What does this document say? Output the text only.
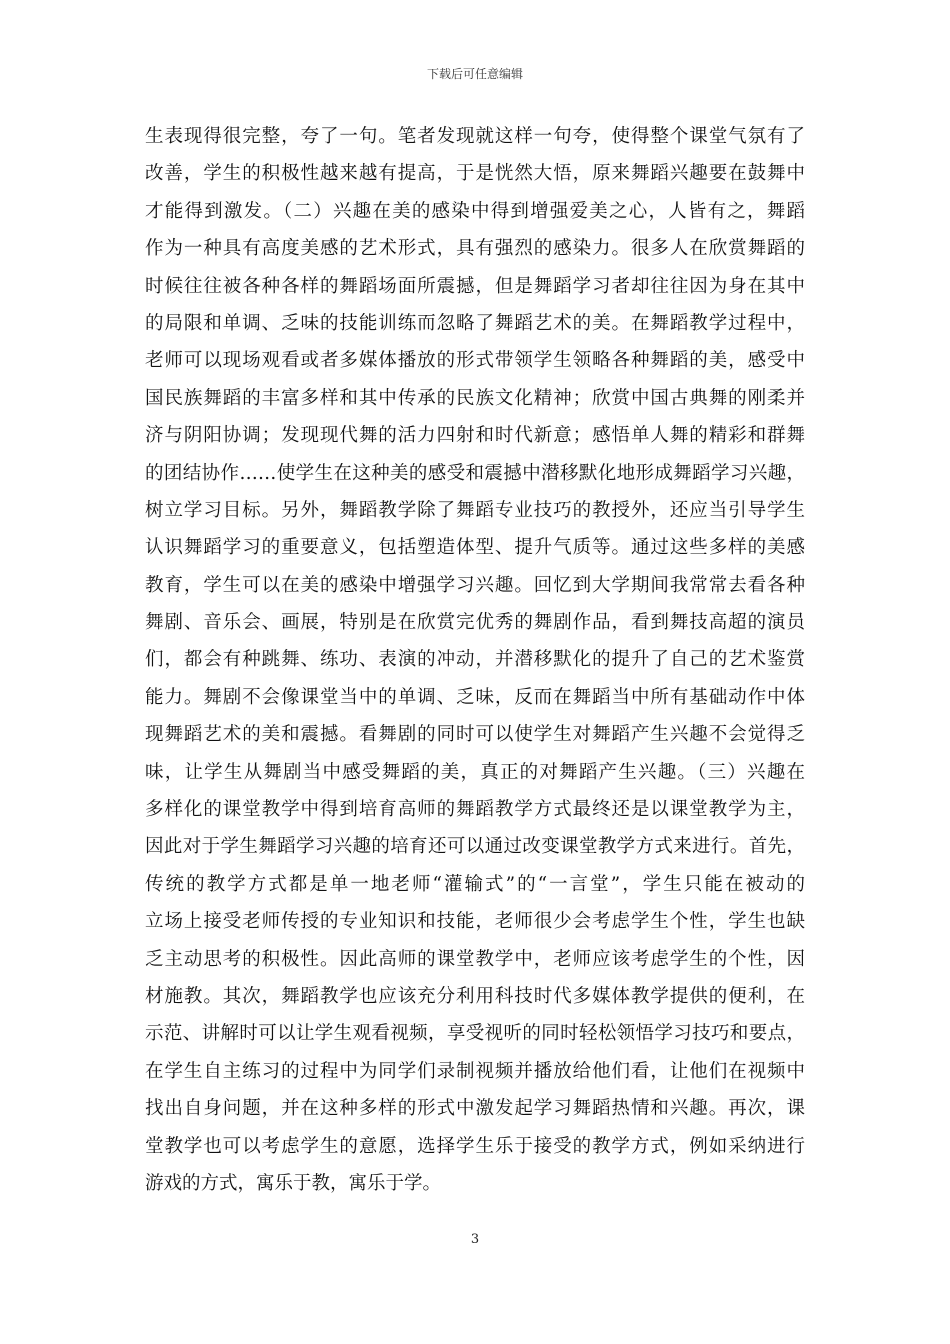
下载后可任意编辑
生表现得很完整，夸了一句。笔者发现就这样一句夸，使得整个课堂气氛有了
改善，学生的积极性越来越有提高，于是恍然大悟，原来舞蹈兴趣要在鼓舞中
才能得到激发。（二）兴趣在美的感染中得到增强爱美之心，人皆有之，舞蹈
作为一种具有高度美感的艺术形式，具有强烈的感染力。很多人在欣赏舞蹈的
时候往往被各种各样的舞蹈场面所震撼，但是舞蹈学习者却往往因为身在其中
的局限和单调、乏味的技能训练而忽略了舞蹈艺术的美。在舞蹈教学过程中，
老师可以现场观看或者多媒体播放的形式带领学生领略各种舞蹈的美，感受中
国民族舞蹈的丰富多样和其中传承的民族文化精神；欣赏中国古典舞的刚柔并
济与阴阳协调；发现现代舞的活力四射和时代新意；感悟单人舞的精彩和群舞
的团结协作……使学生在这种美的感受和震撼中潜移默化地形成舞蹈学习兴趣，
树立学习目标。另外，舞蹈教学除了舞蹈专业技巧的教授外，还应当引导学生
认识舞蹈学习的重要意义，包括塑造体型、提升气质等。通过这些多样的美感
教育，学生可以在美的感染中增强学习兴趣。回忆到大学期间我常常去看各种
舞剧、音乐会、画展，特别是在欣赏完优秀的舞剧作品，看到舞技高超的演员
们，都会有种跳舞、练功、表演的冲动，并潜移默化的提升了自己的艺术鉴赏
能力。舞剧不会像课堂当中的单调、乏味，反而在舞蹈当中所有基础动作中体
现舞蹈艺术的美和震撼。看舞剧的同时可以使学生对舞蹈产生兴趣不会觉得乏
味，让学生从舞剧当中感受舞蹈的美，真正的对舞蹈产生兴趣。（三）兴趣在
多样化的课堂教学中得到培育高师的舞蹈教学方式最终还是以课堂教学为主，
因此对于学生舞蹈学习兴趣的培育还可以通过改变课堂教学方式来进行。首先，
传统的教学方式都是单一地老师“灌输式”的“一言堂”，学生只能在被动的
立场上接受老师传授的专业知识和技能，老师很少会考虑学生个性，学生也缺
乏主动思考的积极性。因此高师的课堂教学中，老师应该考虑学生的个性，因
材施教。其次，舞蹈教学也应该充分利用科技时代多媒体教学提供的便利，在
示范、讲解时可以让学生观看视频，享受视听的同时轻松领悟学习技巧和要点，
在学生自主练习的过程中为同学们录制视频并播放给他们看，让他们在视频中
找出自身问题，并在这种多样的形式中激发起学习舞蹈热情和兴趣。再次，课
堂教学也可以考虑学生的意愿，选择学生乐于接受的教学方式，例如采纳进行
游戏的方式，寓乐于教，寓乐于学。
3
